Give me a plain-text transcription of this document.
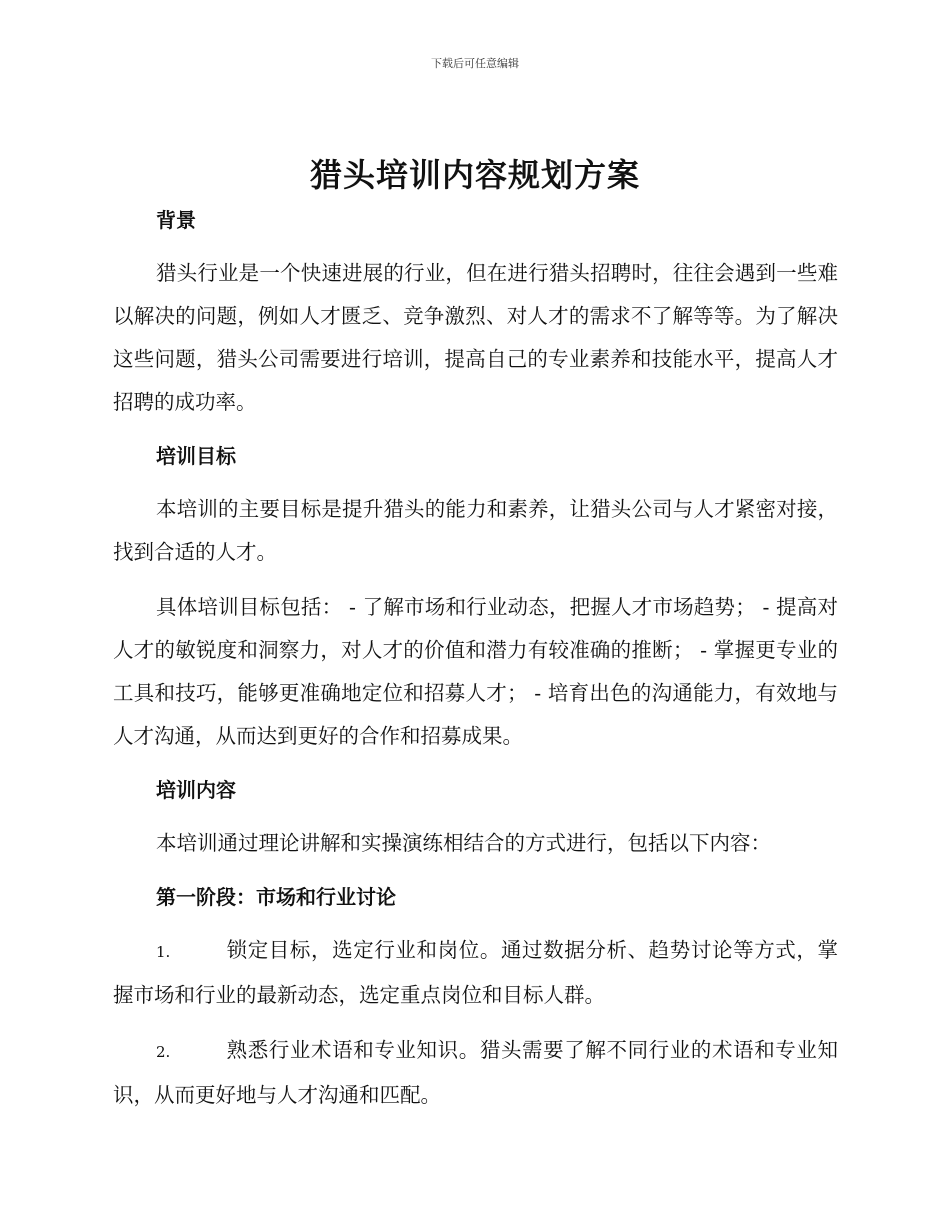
下载后可任意编辑
猎头培训内容规划方案
背景

猎头行业是一个快速进展的行业，但在进行猎头招聘时，往往会遇到一些难以解决的问题，例如人才匮乏、竞争激烈、对人才的需求不了解等等。为了解决这些问题，猎头公司需要进行培训，提高自己的专业素养和技能水平，提高人才招聘的成功率。

培训目标

本培训的主要目标是提升猎头的能力和素养，让猎头公司与人才紧密对接，找到合适的人才。

具体培训目标包括： - 了解市场和行业动态，把握人才市场趋势； - 提高对人才的敏锐度和洞察力，对人才的价值和潜力有较准确的推断； - 掌握更专业的工具和技巧，能够更准确地定位和招募人才； - 培育出色的沟通能力，有效地与人才沟通，从而达到更好的合作和招募成果。

培训内容

本培训通过理论讲解和实操演练相结合的方式进行，包括以下内容：

第一阶段：市场和行业讨论

1.	锁定目标，选定行业和岗位。通过数据分析、趋势讨论等方式，掌握市场和行业的最新动态，选定重点岗位和目标人群。

2.	熟悉行业术语和专业知识。猎头需要了解不同行业的术语和专业知识，从而更好地与人才沟通和匹配。
